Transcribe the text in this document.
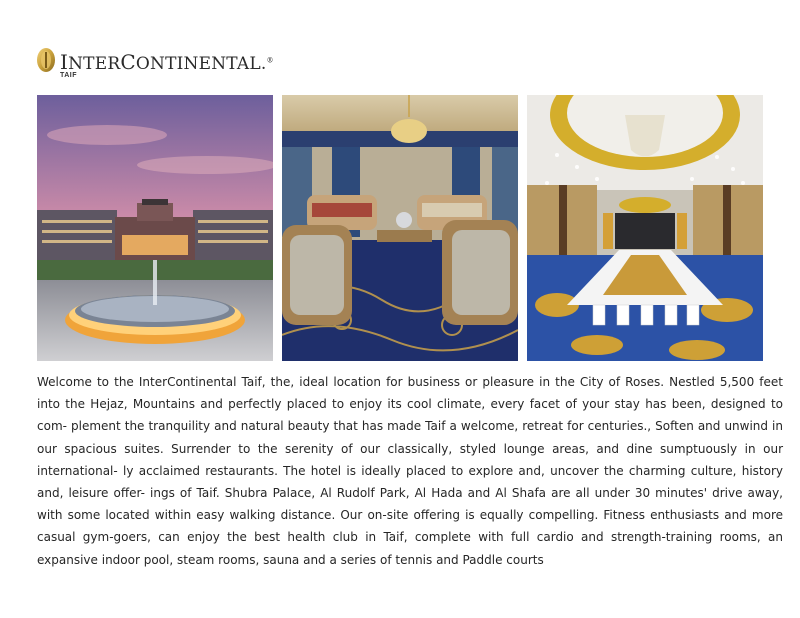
INTERCONTINENTAL.®
TAIF

Welcome to the InterContinental Taif, the, ideal location for business or pleasure in the City of Roses. Nestled 5,500 feet into the Hejaz, Mountains and perfectly placed to enjoy its cool climate, every facet of your stay has been, designed to com- plement the tranquility and natural beauty that has made Taif a welcome, retreat for centuries., Soften and unwind in our spacious suites. Surrender to the serenity of our classically, styled lounge areas, and dine sumptuously in our international- ly acclaimed restaurants. The hotel is ideally placed to explore and, uncover the charming culture, history and, leisure offer- ings of Taif. Shubra Palace, Al Rudolf Park, Al Hada and Al Shafa are all under 30 minutes' drive away, with some located within easy walking distance. Our on-site offering is equally compelling. Fitness enthusiasts and more casual gym-goers, can enjoy the best health club in Taif, complete with full cardio and strength-training rooms, an expansive indoor pool, steam rooms, sauna and a series of tennis and Paddle courts
